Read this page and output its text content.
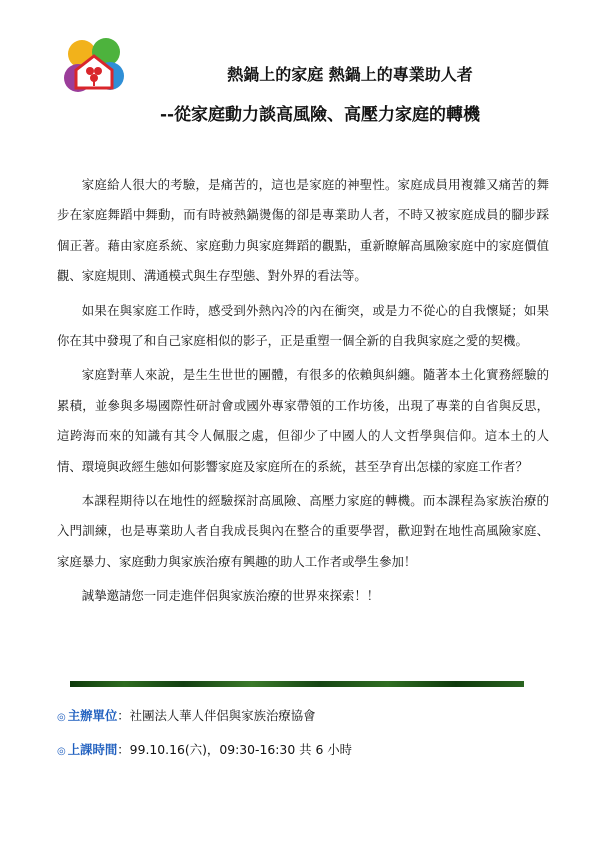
熱鍋上的家庭 熱鍋上的專業助人者
--從家庭動力談高風險、高壓力家庭的轉機

家庭給人很大的考驗，是痛苦的，這也是家庭的神聖性。家庭成員用複雜又痛苦的舞步在家庭舞蹈中舞動，而有時被熱鍋燙傷的卻是專業助人者，不時又被家庭成員的腳步踩個正著。藉由家庭系統、家庭動力與家庭舞蹈的觀點，重新瞭解高風險家庭中的家庭價值觀、家庭規則、溝通模式與生存型態、對外界的看法等。

如果在與家庭工作時，感受到外熱內冷的內在衝突，或是力不從心的自我懷疑；如果你在其中發現了和自己家庭相似的影子，正是重塑一個全新的自我與家庭之愛的契機。

家庭對華人來說，是生生世世的團體，有很多的依賴與糾纏。隨著本土化實務經驗的累積，並參與多場國際性研討會或國外專家帶領的工作坊後，出現了專業的自省與反思，這跨海而來的知識有其令人佩服之處，但卻少了中國人的人文哲學與信仰。這本土的人情、環境與政經生態如何影響家庭及家庭所在的系統，甚至孕育出怎樣的家庭工作者？

本課程期待以在地性的經驗探討高風險、高壓力家庭的轉機。而本課程為家族治療的入門訓練，也是專業助人者自我成長與內在整合的重要學習，歡迎對在地性高風險家庭、家庭暴力、家庭動力與家族治療有興趣的助人工作者或學生參加！

誠摯邀請您一同走進伴侶與家族治療的世界來探索！！

◎ 主辦單位：社團法人華人伴侶與家族治療協會
◎ 上課時間：99.10.16(六)，09:30-16:30 共 6 小時
